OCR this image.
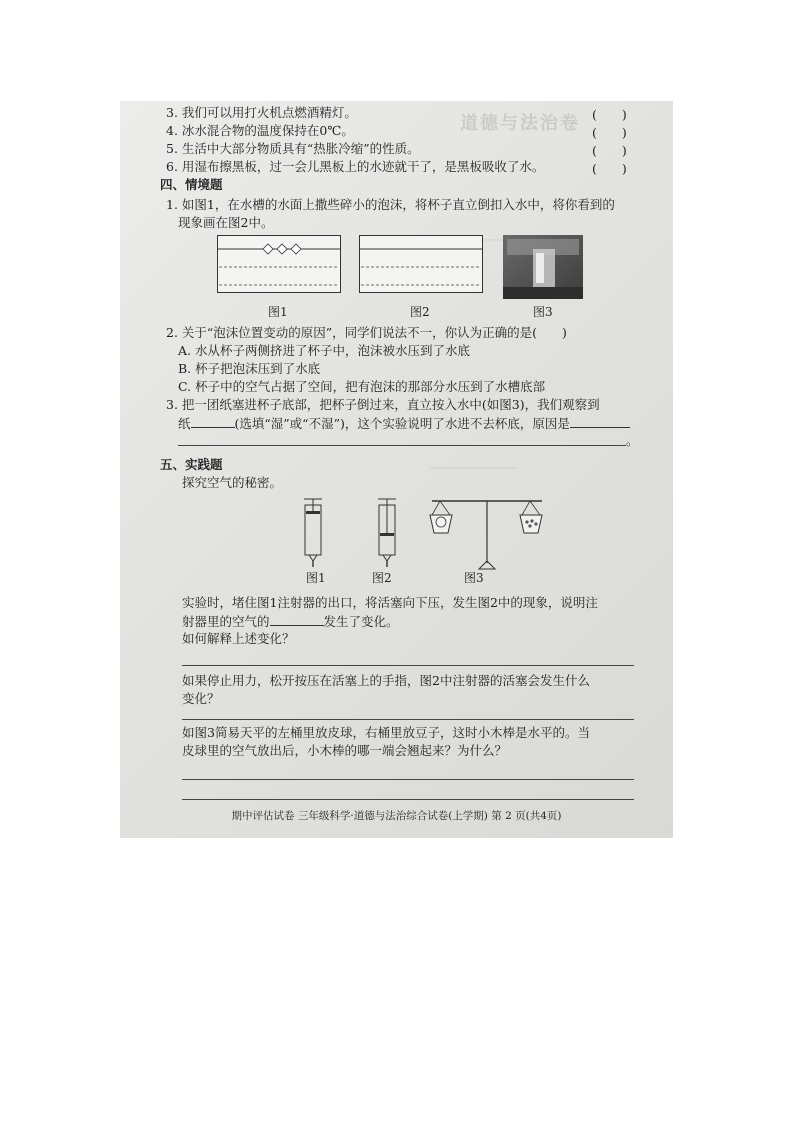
道德与法治卷
────────────
3. 我们可以用打火机点燃酒精灯。	(　　)
4. 冰水混合物的温度保持在0℃。	(　　)
5. 生活中大部分物质具有“热胀冷缩”的性质。	(　　)
6. 用湿布擦黑板，过一会儿黑板上的水迹就干了，是黑板吸收了水。	(　　)
四、情境题
1. 如图1，在水槽的水面上撒些碎小的泡沫，将杯子直立倒扣入水中，将你看到的
现象画在图2中。
图1	图2	图3
2. 关于“泡沫位置变动的原因”，同学们说法不一，你认为正确的是(　　)
A. 水从杯子两侧挤进了杯子中，泡沫被水压到了水底
B. 杯子把泡沫压到了水底
C. 杯子中的空气占据了空间，把有泡沫的那部分水压到了水槽底部
3. 把一团纸塞进杯子底部，把杯子倒过来，直立按入水中(如图3)，我们观察到
纸	(选填“湿”或“不湿”)，这个实验说明了水进不去杯底，原因是
。
五、实践题
探究空气的秘密。
图1	图2	图3
实验时，堵住图1注射器的出口，将活塞向下压，发生图2中的现象，说明注
射器里的空气的	发生了变化。
如何解释上述变化？
如果停止用力，松开按压在活塞上的手指，图2中注射器的活塞会发生什么
变化？
如图3简易天平的左桶里放皮球，右桶里放豆子，这时小木棒是水平的。当
皮球里的空气放出后，小木棒的哪一端会翘起来？为什么？
期中评估试卷 三年级科学·道德与法治综合试卷(上学期) 第 2 页(共4页)
